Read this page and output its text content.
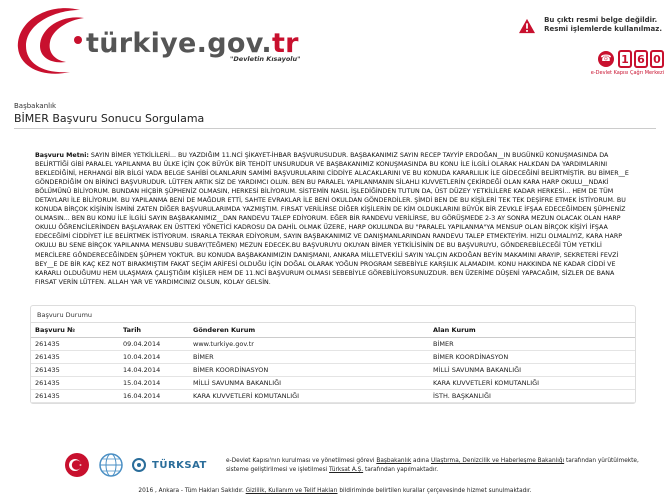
türkiye.gov.tr
"Devletin Kısayolu"
Bu çıktı resmi belge değildir.
Resmi işlemlerde kullanılmaz.
☎ 1 6 0
e-Devlet Kapısı Çağrı Merkezi
Başbakanlık
BİMER Başvuru Sonucu Sorgulama
Başvuru Metni: SAYIN BİMER YETKİLİLERİ... BU YAZDIĞIM 11.NCİ ŞİKAYET-İHBAR BAŞVURUSUDUR. BAŞBAKANIMIZ SAYIN RECEP TAYYİP ERDOĞAN__IN BUGÜNKÜ KONUŞMASINDA DA BELİRTTİĞİ GİBİ PARALEL YAPILANMA BU ÜLKE İÇİN ÇOK BÜYÜK BİR TEHDİT UNSURUDUR VE BAŞBAKANIMIZ KONUŞMASINDA BU KONU İLE İLGİLİ OLARAK HALKDAN DA YARDIMLARINI BEKLEDİĞİNİ, HERHANGİ BİR BİLGİ YADA BELGE SAHİBİ OLANLARIN SAMİMİ BAŞVURULARINI CİDDİYE ALACAKLARINI VE BU KONUDA KARARLILIK İLE GİDECEĞİNİ BELİRTMİŞTİR. BU BİMER__E GÖNDERDİĞİM ON BİRİNCİ BAŞVURUDUR. LÜTFEN ARTIK SİZ DE YARDIMCI OLUN. BEN BU PARALEL YAPILANMANIN SİLAHLI KUVVETLERİN ÇEKİRDEĞİ OLAN KARA HARP OKULU__NDAKİ BÖLÜMÜNÜ BİLİYORUM. BUNDAN HİÇBİR ŞÜPHENİZ OLMASIN, HERKESİ BİLİYORUM. SİSTEMİN NASIL İŞLEDİĞİNDEN TUTUN DA, ÜST DÜZEY YETKİLİLERE KADAR HERKESİ... HEM DE TÜM DETAYLARI İLE BİLİYORUM. BU YAPILANMA BENİ DE MAĞDUR ETTİ, SAHTE EVRAKLAR İLE BENİ OKULDAN GÖNDERDİLER. ŞİMDİ BEN DE BU KİŞİLERİ TEK TEK DEŞİFRE ETMEK İSTİYORUM. BU KONUDA BİRÇOK KİŞİNİN İSMİNİ ZATEN DİĞER BAŞVURULARIMDA YAZMIŞTIM. FIRSAT VERİLİRSE DİĞER KİŞİLERİN DE KİM OLDUKLARINI BÜYÜK BİR ZEVKLE İFŞAA EDECEĞİMDEN ŞÜPHENİZ OLMASIN... BEN BU KONU İLE İLGİLİ SAYIN BAŞBAKANIMIZ__DAN RANDEVU TALEP EDİYORUM. EĞER BİR RANDEVU VERİLİRSE, BU GÖRÜŞMEDE 2-3 AY SONRA MEZUN OLACAK OLAN HARP OKULU ÖĞRENCİLERİNDEN BAŞLAYARAK EN ÜSTTEKİ YÖNETİCİ KADROSU DA DAHİL OLMAK ÜZERE, HARP OKULUNDA BU "PARALEL YAPILANMA"YA MENSUP OLAN BİRÇOK KİŞİYİ İFŞAA EDECEĞİMİ CİDDİYET İLE BELİRTMEK İSTİYORUM. ISRARLA TEKRAR EDİYORUM, SAYIN BAŞBAKANIMIZ VE DANIŞMANLARINDAN RANDEVU TALEP ETMEKTEYİM. HIZLI OLMALIYIZ, KARA HARP OKULU BU SENE BİRÇOK YAPILANMA MENSUBU SUBAY(TEĞMEN) MEZUN EDECEK.BU BAŞVURUYU OKUYAN BİMER YETKİLİSİNİN DE BU BAŞVURUYU, GÖNDEREBİLECEĞİ TÜM YETKİLİ MERCİLERE GÖNDERECEĞİNDEN ŞÜPHEM YOKTUR. BU KONUDA BAŞBAKANIMIZIN DANIŞMANI, ANKARA MİLLETVEKİLİ SAYIN YALÇIN AKDOĞAN BEYİN MAKAMINI ARAYIP, SEKRETERİ FEVZİ BEY__E DE BİR KAÇ KEZ NOT BIRAKMIŞTIM FAKAT SEÇİM ARİFESİ OLDUĞU İÇİN DOĞAL OLARAK YOĞUN PROGRAM SEBEBİYLE KARŞILIK ALAMADIM. KONU HAKKINDA NE KADAR CİDDİ VE KARARLI OLDUĞUMU HEM ULAŞMAYA ÇALIŞTIĞIM KİŞİLER HEM DE 11.NCİ BAŞVURUM OLMASI SEBEBİYLE GÖREBİLİYORSUNUZDUR. BEN ÜZERİME DÜŞENİ YAPACAĞIM, SİZLER DE BANA FIRSAT VERİN LÜTFEN. ALLAH YAR VE YARDIMCINIZ OLSUN, KOLAY GELSİN.
Başvuru Durumu
Başvuru №	Tarih	Gönderen Kurum	Alan Kurum
261435	09.04.2014	www.turkiye.gov.tr	BİMER
261435	10.04.2014	BİMER	BİMER KOORDİNASYON
261435	14.04.2014	BİMER KOORDİNASYON	MİLLİ SAVUNMA BAKANLIĞI
261435	15.04.2014	MİLLİ SAVUNMA BAKANLIĞI	KARA KUVVETLERİ KOMUTANLIĞI
261435	16.04.2014	KARA KUVVETLERİ KOMUTANLIĞI	İSTH. BAŞKANLIĞI
TÜRKSAT	e-Devlet Kapısı'nın kurulması ve yönetilmesi görevi Başbakanlık adına Ulaştırma, Denizcilik ve Haberleşme Bakanlığı tarafından yürütülmekte, sisteme geliştirilmesi ve işletilmesi Türksat A.Ş. tarafından yapılmaktadır.
2016 , Ankara - Tüm Hakları Saklıdır. Gizlilik, Kullanım ve Telif Hakları bildiriminde belirtilen kurallar çerçevesinde hizmet sunulmaktadır.
